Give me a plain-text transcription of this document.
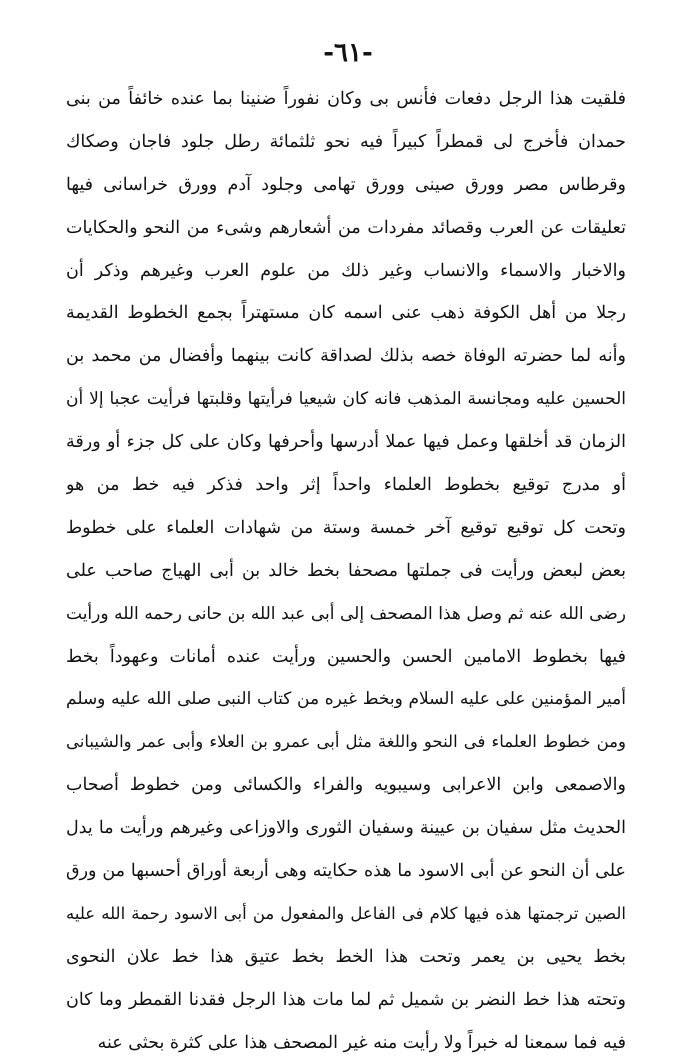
-٦١-
فلقيت هذا الرجل دفعات فأنس بى وكان نفوراً ضنينا بما عنده خائفاً من بنى
حمدان فأخرج لى قمطراً كبيراً فيه نحو ثلثمائة رطل جلود فاجان وصكاك
وقرطاس مصر وورق صينى وورق تهامى وجلود آدم وورق خراسانى فيها
تعليقات عن العرب وقصائد مفردات من أشعارهم وشىء من النحو والحكايات
والاخبار والاسماء والانساب وغير ذلك من علوم العرب وغيرهم وذكر أن
رجلا من أهل الكوفة ذهب عنى اسمه كان مستهتراً بجمع الخطوط القديمة
وأنه لما حضرته الوفاة خصه بذلك لصداقة كانت بينهما وأفضال من محمد بن
الحسين عليه ومجانسة المذهب فانه كان شيعيا فرأيتها وقلبتها فرأيت عجبا إلا أن
الزمان قد أخلقها وعمل فيها عملا أدرسها وأحرفها وكان على كل جزء أو ورقة
أو مدرج توقيع بخطوط العلماء واحداً إثر واحد فذكر فيه خط من هو
وتحت كل توقيع توقيع آخر خمسة وستة من شهادات العلماء على خطوط
بعض لبعض ورأيت فى جملتها مصحفا بخط خالد بن أبى الهياج صاحب على
رضى الله عنه ثم وصل هذا المصحف إلى أبى عبد الله بن حانى رحمه الله ورأيت
فيها بخطوط الامامين الحسن والحسين ورأيت عنده أمانات وعهوداً بخط
أمير المؤمنين على عليه السلام وبخط غيره من كتاب النبى صلى الله عليه وسلم
ومن خطوط العلماء فى النحو واللغة مثل أبى عمرو بن العلاء وأبى عمر والشيبانى
والاصمعى وابن الاعرابى وسيبويه والفراء والكسائى ومن خطوط أصحاب
الحديث مثل سفيان بن عيينة وسفيان الثورى والاوزاعى وغيرهم ورأيت ما يدل
على أن النحو عن أبى الاسود ما هذه حكايته وهى أربعة أوراق أحسبها من ورق
الصين ترجمتها هذه فيها كلام فى الفاعل والمفعول من أبى الاسود رحمة الله عليه
بخط يحيى بن يعمر وتحت هذا الخط بخط عتيق هذا خط علان النحوى
وتحته هذا خط النضر بن شميل ثم لما مات هذا الرجل فقدنا القمطر وما كان
فيه فما سمعنا له خبراً ولا رأيت منه غير المصحف هذا على كثرة بحثى عنه
